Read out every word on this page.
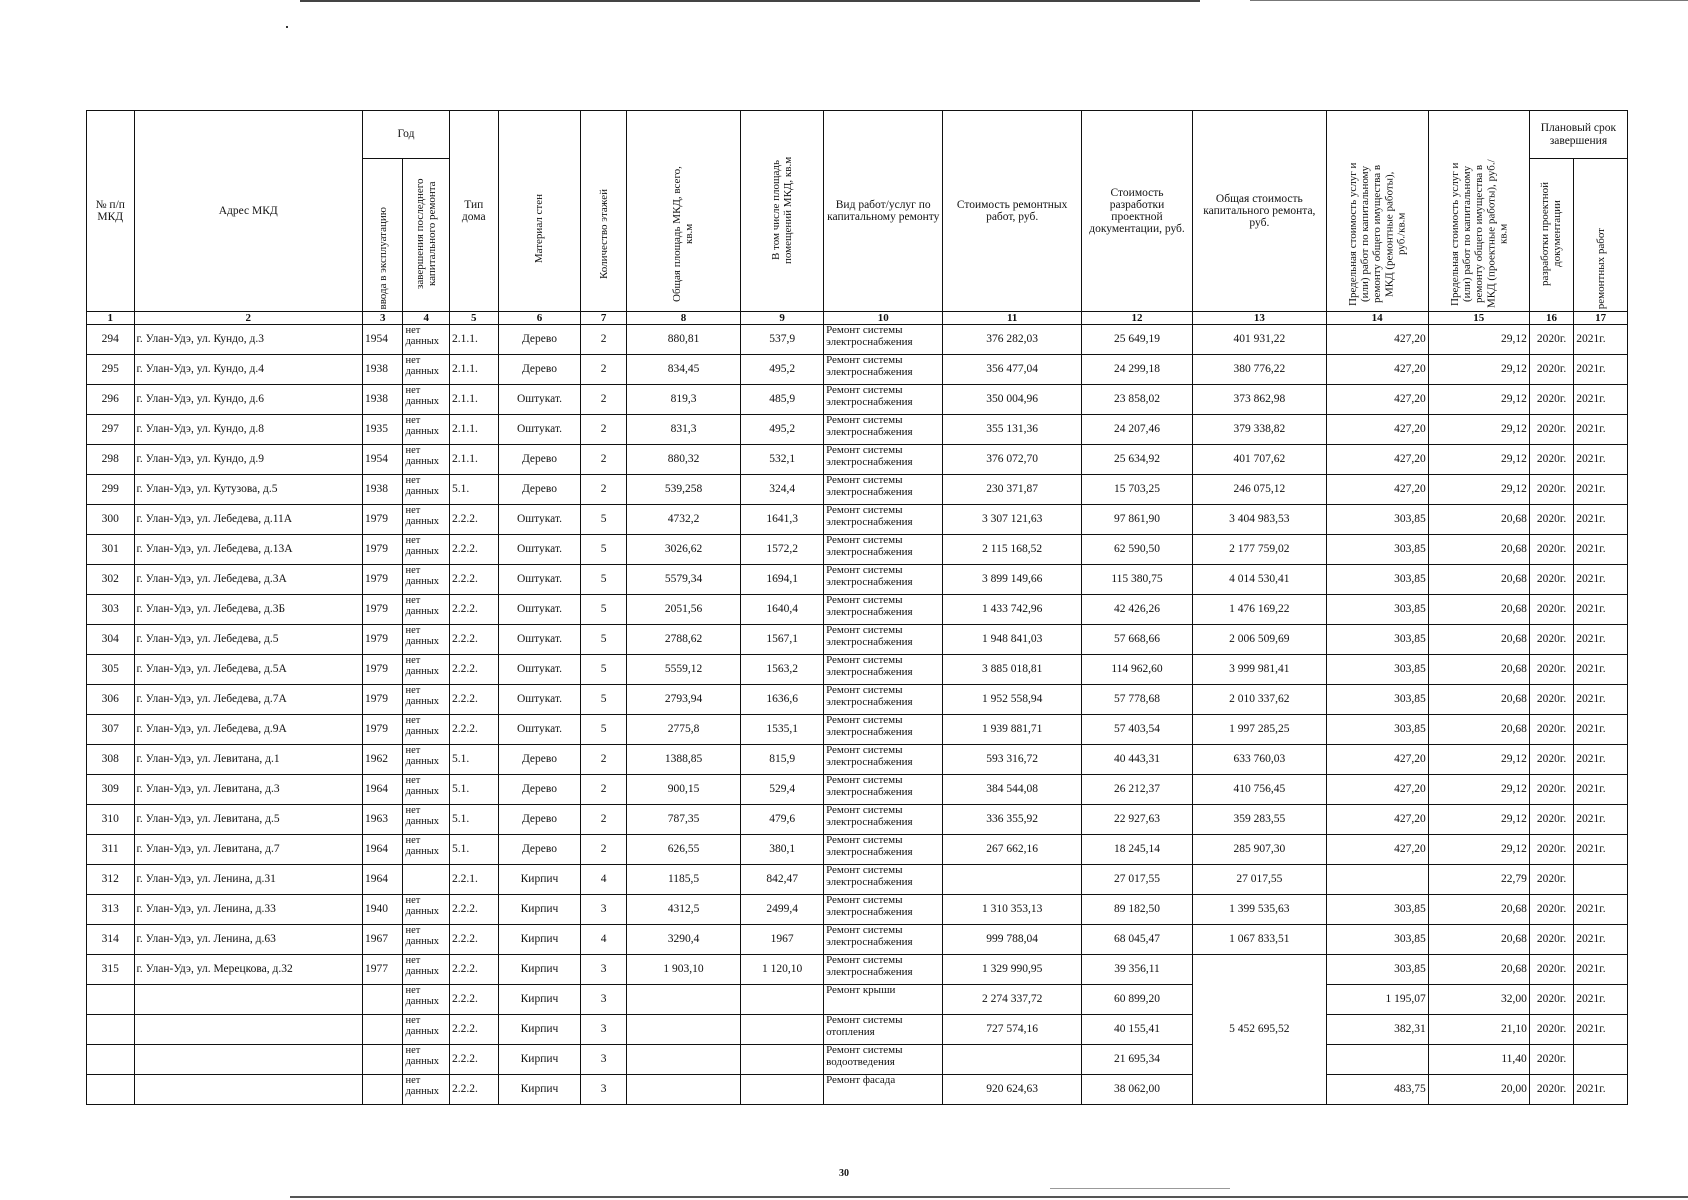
№ п/п МКД	Адрес МКД	Год		Тип дома	Материал стен	Количество этажей	Общая площадь МКД, всего, кв.м	В том числе площадь помещений МКД, кв.м	Вид работ/услуг по капитальному ремонту	Стоимость ремонтных работ, руб.	Стоимость разработки проектной документации, руб.	Общая стоимость капитального ремонта, руб.	Предельная стоимость услуг и (или) работ по капитальному ремонту общего имущества в МКД (ремонтные работы), руб./кв.м	Предельная стоимость услуг и (или) работ по капитальному ремонту общего имущества в МКД (проектные работы), руб./кв.м	Плановый срок завершения	

		ввода в эксплуатацию	завершения последнего капитального ремонта												разработки проектной документации	ремонтных работ

1	2	3	4	5	6	7	8	9	10	11	12	13	14	15	16	17
294	г. Улан-Удэ, ул. Кундо, д.3	1954	нет данных	2.1.1.	Дерево	2	880,81	537,9	Ремонт системы электроснабжения	376 282,03	25 649,19	401 931,22	427,20	29,12	2020г.	2021г.
295	г. Улан-Удэ, ул. Кундо, д.4	1938	нет данных	2.1.1.	Дерево	2	834,45	495,2	Ремонт системы электроснабжения	356 477,04	24 299,18	380 776,22	427,20	29,12	2020г.	2021г.
296	г. Улан-Удэ, ул. Кундо, д.6	1938	нет данных	2.1.1.	Оштукат.	2	819,3	485,9	Ремонт системы электроснабжения	350 004,96	23 858,02	373 862,98	427,20	29,12	2020г.	2021г.
297	г. Улан-Удэ, ул. Кундо, д.8	1935	нет данных	2.1.1.	Оштукат.	2	831,3	495,2	Ремонт системы электроснабжения	355 131,36	24 207,46	379 338,82	427,20	29,12	2020г.	2021г.
298	г. Улан-Удэ, ул. Кундо, д.9	1954	нет данных	2.1.1.	Дерево	2	880,32	532,1	Ремонт системы электроснабжения	376 072,70	25 634,92	401 707,62	427,20	29,12	2020г.	2021г.
299	г. Улан-Удэ, ул. Кутузова, д.5	1938	нет данных	5.1.	Дерево	2	539,258	324,4	Ремонт системы электроснабжения	230 371,87	15 703,25	246 075,12	427,20	29,12	2020г.	2021г.
300	г. Улан-Удэ, ул. Лебедева, д.11А	1979	нет данных	2.2.2.	Оштукат.	5	4732,2	1641,3	Ремонт системы электроснабжения	3 307 121,63	97 861,90	3 404 983,53	303,85	20,68	2020г.	2021г.
301	г. Улан-Удэ, ул. Лебедева, д.13А	1979	нет данных	2.2.2.	Оштукат.	5	3026,62	1572,2	Ремонт системы электроснабжения	2 115 168,52	62 590,50	2 177 759,02	303,85	20,68	2020г.	2021г.
302	г. Улан-Удэ, ул. Лебедева, д.3А	1979	нет данных	2.2.2.	Оштукат.	5	5579,34	1694,1	Ремонт системы электроснабжения	3 899 149,66	115 380,75	4 014 530,41	303,85	20,68	2020г.	2021г.
303	г. Улан-Удэ, ул. Лебедева, д.3Б	1979	нет данных	2.2.2.	Оштукат.	5	2051,56	1640,4	Ремонт системы электроснабжения	1 433 742,96	42 426,26	1 476 169,22	303,85	20,68	2020г.	2021г.
304	г. Улан-Удэ, ул. Лебедева, д.5	1979	нет данных	2.2.2.	Оштукат.	5	2788,62	1567,1	Ремонт системы электроснабжения	1 948 841,03	57 668,66	2 006 509,69	303,85	20,68	2020г.	2021г.
305	г. Улан-Удэ, ул. Лебедева, д.5А	1979	нет данных	2.2.2.	Оштукат.	5	5559,12	1563,2	Ремонт системы электроснабжения	3 885 018,81	114 962,60	3 999 981,41	303,85	20,68	2020г.	2021г.
306	г. Улан-Удэ, ул. Лебедева, д.7А	1979	нет данных	2.2.2.	Оштукат.	5	2793,94	1636,6	Ремонт системы электроснабжения	1 952 558,94	57 778,68	2 010 337,62	303,85	20,68	2020г.	2021г.
307	г. Улан-Удэ, ул. Лебедева, д.9А	1979	нет данных	2.2.2.	Оштукат.	5	2775,8	1535,1	Ремонт системы электроснабжения	1 939 881,71	57 403,54	1 997 285,25	303,85	20,68	2020г.	2021г.
308	г. Улан-Удэ, ул. Левитана, д.1	1962	нет данных	5.1.	Дерево	2	1388,85	815,9	Ремонт системы электроснабжения	593 316,72	40 443,31	633 760,03	427,20	29,12	2020г.	2021г.
309	г. Улан-Удэ, ул. Левитана, д.3	1964	нет данных	5.1.	Дерево	2	900,15	529,4	Ремонт системы электроснабжения	384 544,08	26 212,37	410 756,45	427,20	29,12	2020г.	2021г.
310	г. Улан-Удэ, ул. Левитана, д.5	1963	нет данных	5.1.	Дерево	2	787,35	479,6	Ремонт системы электроснабжения	336 355,92	22 927,63	359 283,55	427,20	29,12	2020г.	2021г.
311	г. Улан-Удэ, ул. Левитана, д.7	1964	нет данных	5.1.	Дерево	2	626,55	380,1	Ремонт системы электроснабжения	267 662,16	18 245,14	285 907,30	427,20	29,12	2020г.	2021г.
312	г. Улан-Удэ, ул. Ленина, д.31	1964		2.2.1.	Кирпич	4	1185,5	842,47	Ремонт системы электроснабжения		27 017,55	27 017,55		22,79	2020г.	
313	г. Улан-Удэ, ул. Ленина, д.33	1940	нет данных	2.2.2.	Кирпич	3	4312,5	2499,4	Ремонт системы электроснабжения	1 310 353,13	89 182,50	1 399 535,63	303,85	20,68	2020г.	2021г.
314	г. Улан-Удэ, ул. Ленина, д.63	1967	нет данных	2.2.2.	Кирпич	4	3290,4	1967	Ремонт системы электроснабжения	999 788,04	68 045,47	1 067 833,51	303,85	20,68	2020г.	2021г.
315	г. Улан-Удэ, ул. Мерецкова, д.32	1977	нет данных	2.2.2.	Кирпич	3	1 903,10	1 120,10	Ремонт системы электроснабжения	1 329 990,95	39 356,11	5 452 695,52	303,85	20,68	2020г.	2021г.
			нет данных	2.2.2.	Кирпич	3			Ремонт крыши	2 274 337,72	60 899,20		1 195,07	32,00	2020г.	2021г.
			нет данных	2.2.2.	Кирпич	3			Ремонт системы отопления	727 574,16	40 155,41		382,31	21,10	2020г.	2021г.
			нет данных	2.2.2.	Кирпич	3			Ремонт системы водоотведения		21 695,34			11,40	2020г.	
			нет данных	2.2.2.	Кирпич	3			Ремонт фасада	920 624,63	38 062,00		483,75	20,00	2020г.	2021г.
30
